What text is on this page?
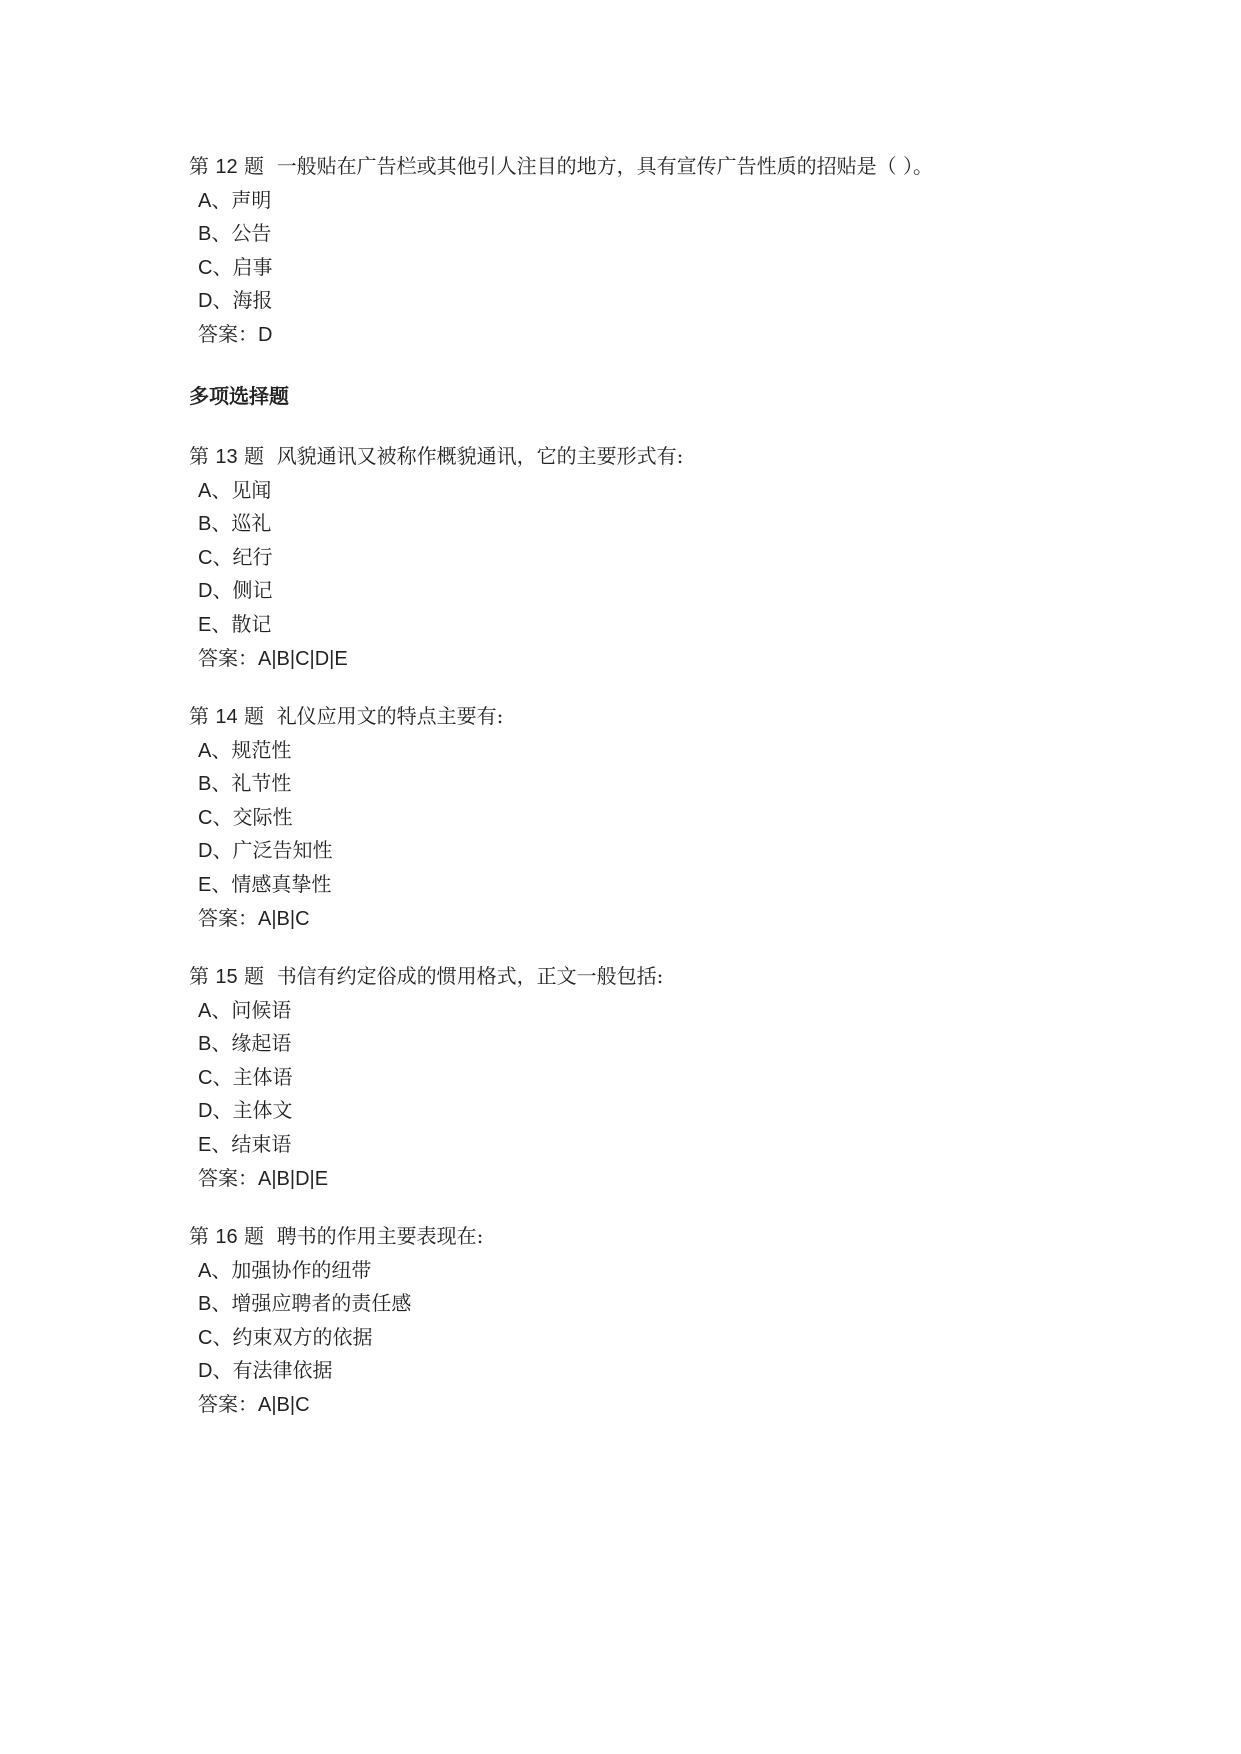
第 12 题 一般贴在广告栏或其他引人注目的地方，具有宣传广告性质的招贴是（ ）。
A、声明
B、公告
C、启事
D、海报
答案：D
多项选择题
第 13 题 风貌通讯又被称作概貌通讯，它的主要形式有:
A、见闻
B、巡礼
C、纪行
D、侧记
E、散记
答案：A|B|C|D|E
第 14 题 礼仪应用文的特点主要有:
A、规范性
B、礼节性
C、交际性
D、广泛告知性
E、情感真挚性
答案：A|B|C
第 15 题 书信有约定俗成的惯用格式，正文一般包括:
A、问候语
B、缘起语
C、主体语
D、主体文
E、结束语
答案：A|B|D|E
第 16 题 聘书的作用主要表现在:
A、加强协作的纽带
B、增强应聘者的责任感
C、约束双方的依据
D、有法律依据
答案：A|B|C
